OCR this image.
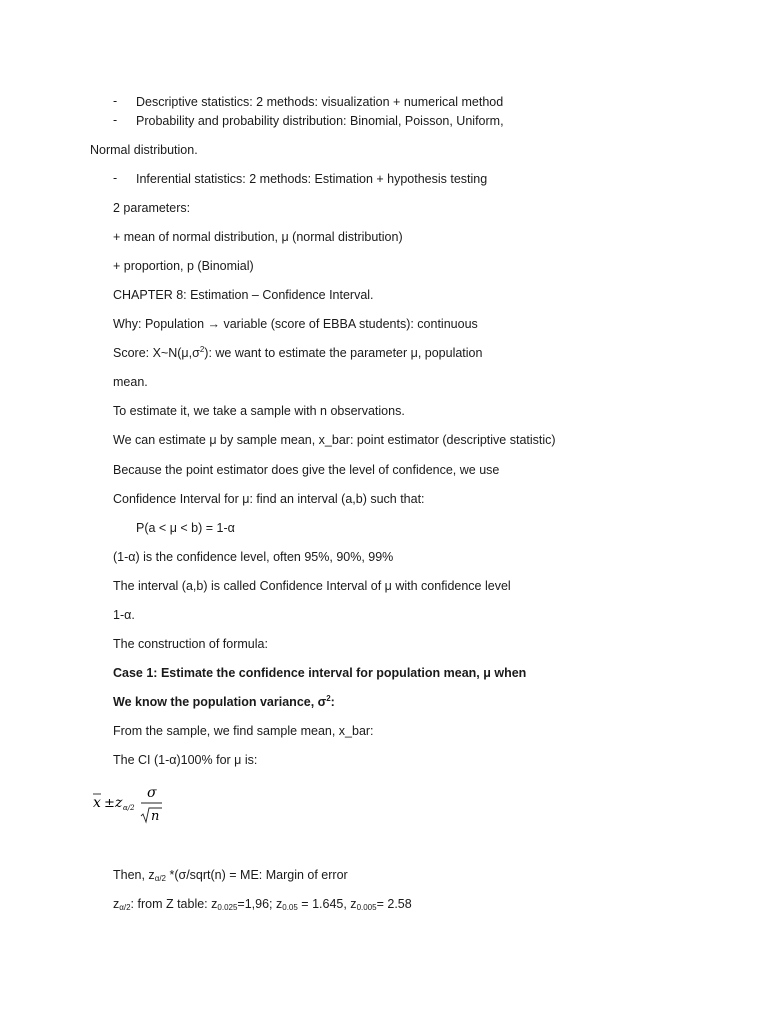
- Descriptive statistics: 2 methods: visualization + numerical method
- Probability and probability distribution: Binomial, Poisson, Uniform,
Normal distribution.
- Inferential statistics: 2 methods: Estimation + hypothesis testing
2 parameters:
+ mean of normal distribution, μ (normal distribution)
+ proportion, p (Binomial)
CHAPTER 8: Estimation – Confidence Interval.
Why: Population → variable (score of EBBA students): continuous
Score: $X\sim N(\mu,\sigma^2)$: we want to estimate the parameter μ, population
mean.
To estimate it, we take a sample with n observations.
We can estimate μ by sample mean, x_bar: point estimator (descriptive statistic)
Because the point estimator does give the level of confidence, we use
Confidence Interval for μ: find an interval (a,b) such that:
P(a < μ < b) = 1-α
(1-α) is the confidence level, often 95%, 90%, 99%
The interval (a,b) is called Confidence Interval of μ with confidence level
1-α.
The construction of formula:
Case 1: Estimate the confidence interval for population mean, μ when
We know the population variance, $\sigma^2$:
From the sample, we find sample mean, x_bar:
The CI (1-α)100% for μ is:
x ± z α/2
σ
n
Then, $z_{\alpha/2}$ *(σ/sqrt(n) = ME: Margin of error
$z_{\alpha/2}$: from Z table: $z_{0.025}=1,96$; $z_{0.05} = 1.645$, $z_{0.005}= 2.58$
